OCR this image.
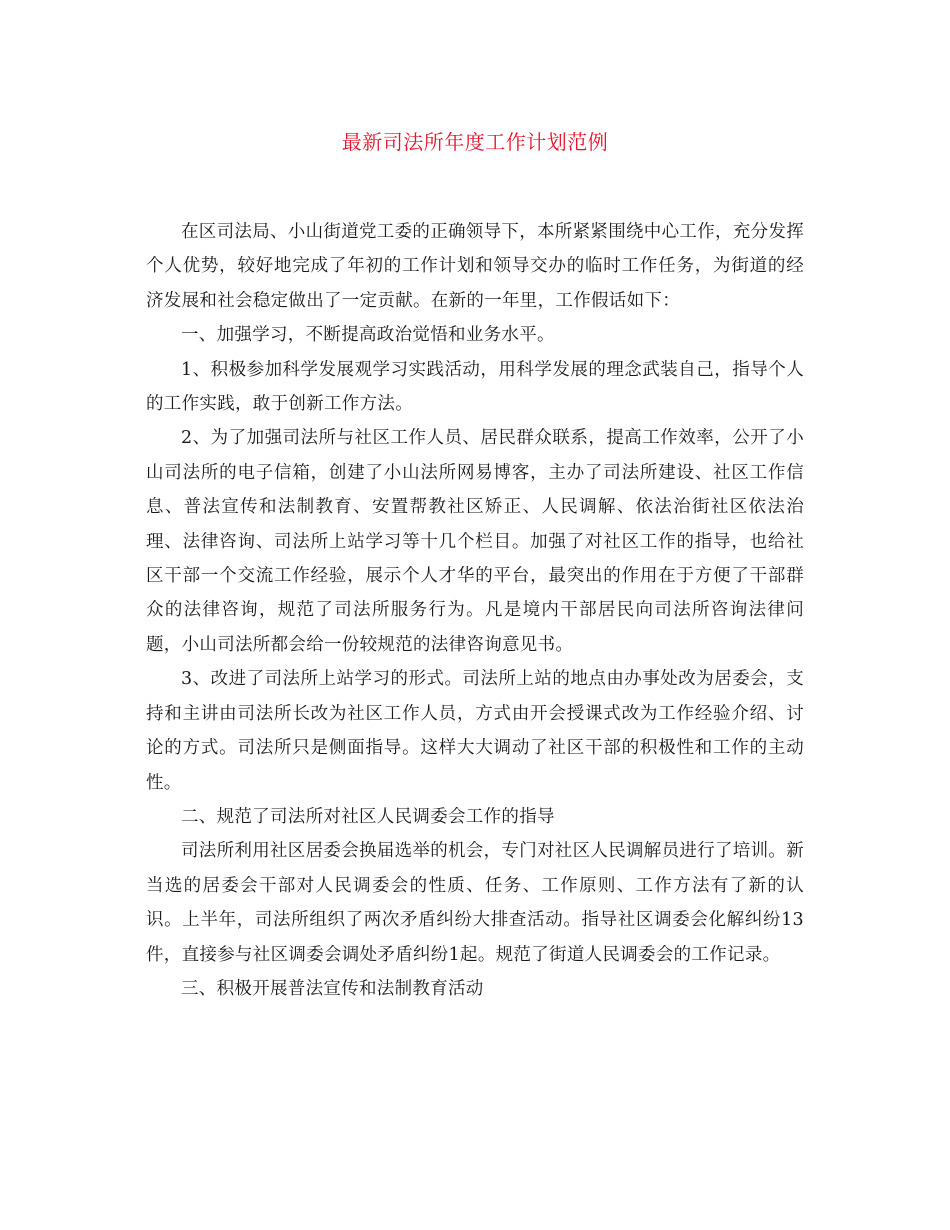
最新司法所年度工作计划范例

在区司法局、小山街道党工委的正确领导下，本所紧紧围绕中心工作，充分发挥个人优势，较好地完成了年初的工作计划和领导交办的临时工作任务，为街道的经济发展和社会稳定做出了一定贡献。在新的一年里，工作假话如下：

一、加强学习，不断提高政治觉悟和业务水平。

1、积极参加科学发展观学习实践活动，用科学发展的理念武装自己，指导个人的工作实践，敢于创新工作方法。

2、为了加强司法所与社区工作人员、居民群众联系，提高工作效率，公开了小山司法所的电子信箱，创建了小山法所网易博客，主办了司法所建设、社区工作信息、普法宣传和法制教育、安置帮教社区矫正、人民调解、依法治街社区依法治理、法律咨询、司法所上站学习等十几个栏目。加强了对社区工作的指导，也给社区干部一个交流工作经验，展示个人才华的平台，最突出的作用在于方便了干部群众的法律咨询，规范了司法所服务行为。凡是境内干部居民向司法所咨询法律问题，小山司法所都会给一份较规范的法律咨询意见书。

3、改进了司法所上站学习的形式。司法所上站的地点由办事处改为居委会，支持和主讲由司法所长改为社区工作人员，方式由开会授课式改为工作经验介绍、讨论的方式。司法所只是侧面指导。这样大大调动了社区干部的积极性和工作的主动性。

二、规范了司法所对社区人民调委会工作的指导

司法所利用社区居委会换届选举的机会，专门对社区人民调解员进行了培训。新当选的居委会干部对人民调委会的性质、任务、工作原则、工作方法有了新的认识。上半年，司法所组织了两次矛盾纠纷大排查活动。指导社区调委会化解纠纷13件，直接参与社区调委会调处矛盾纠纷1起。规范了街道人民调委会的工作记录。

三、积极开展普法宣传和法制教育活动
